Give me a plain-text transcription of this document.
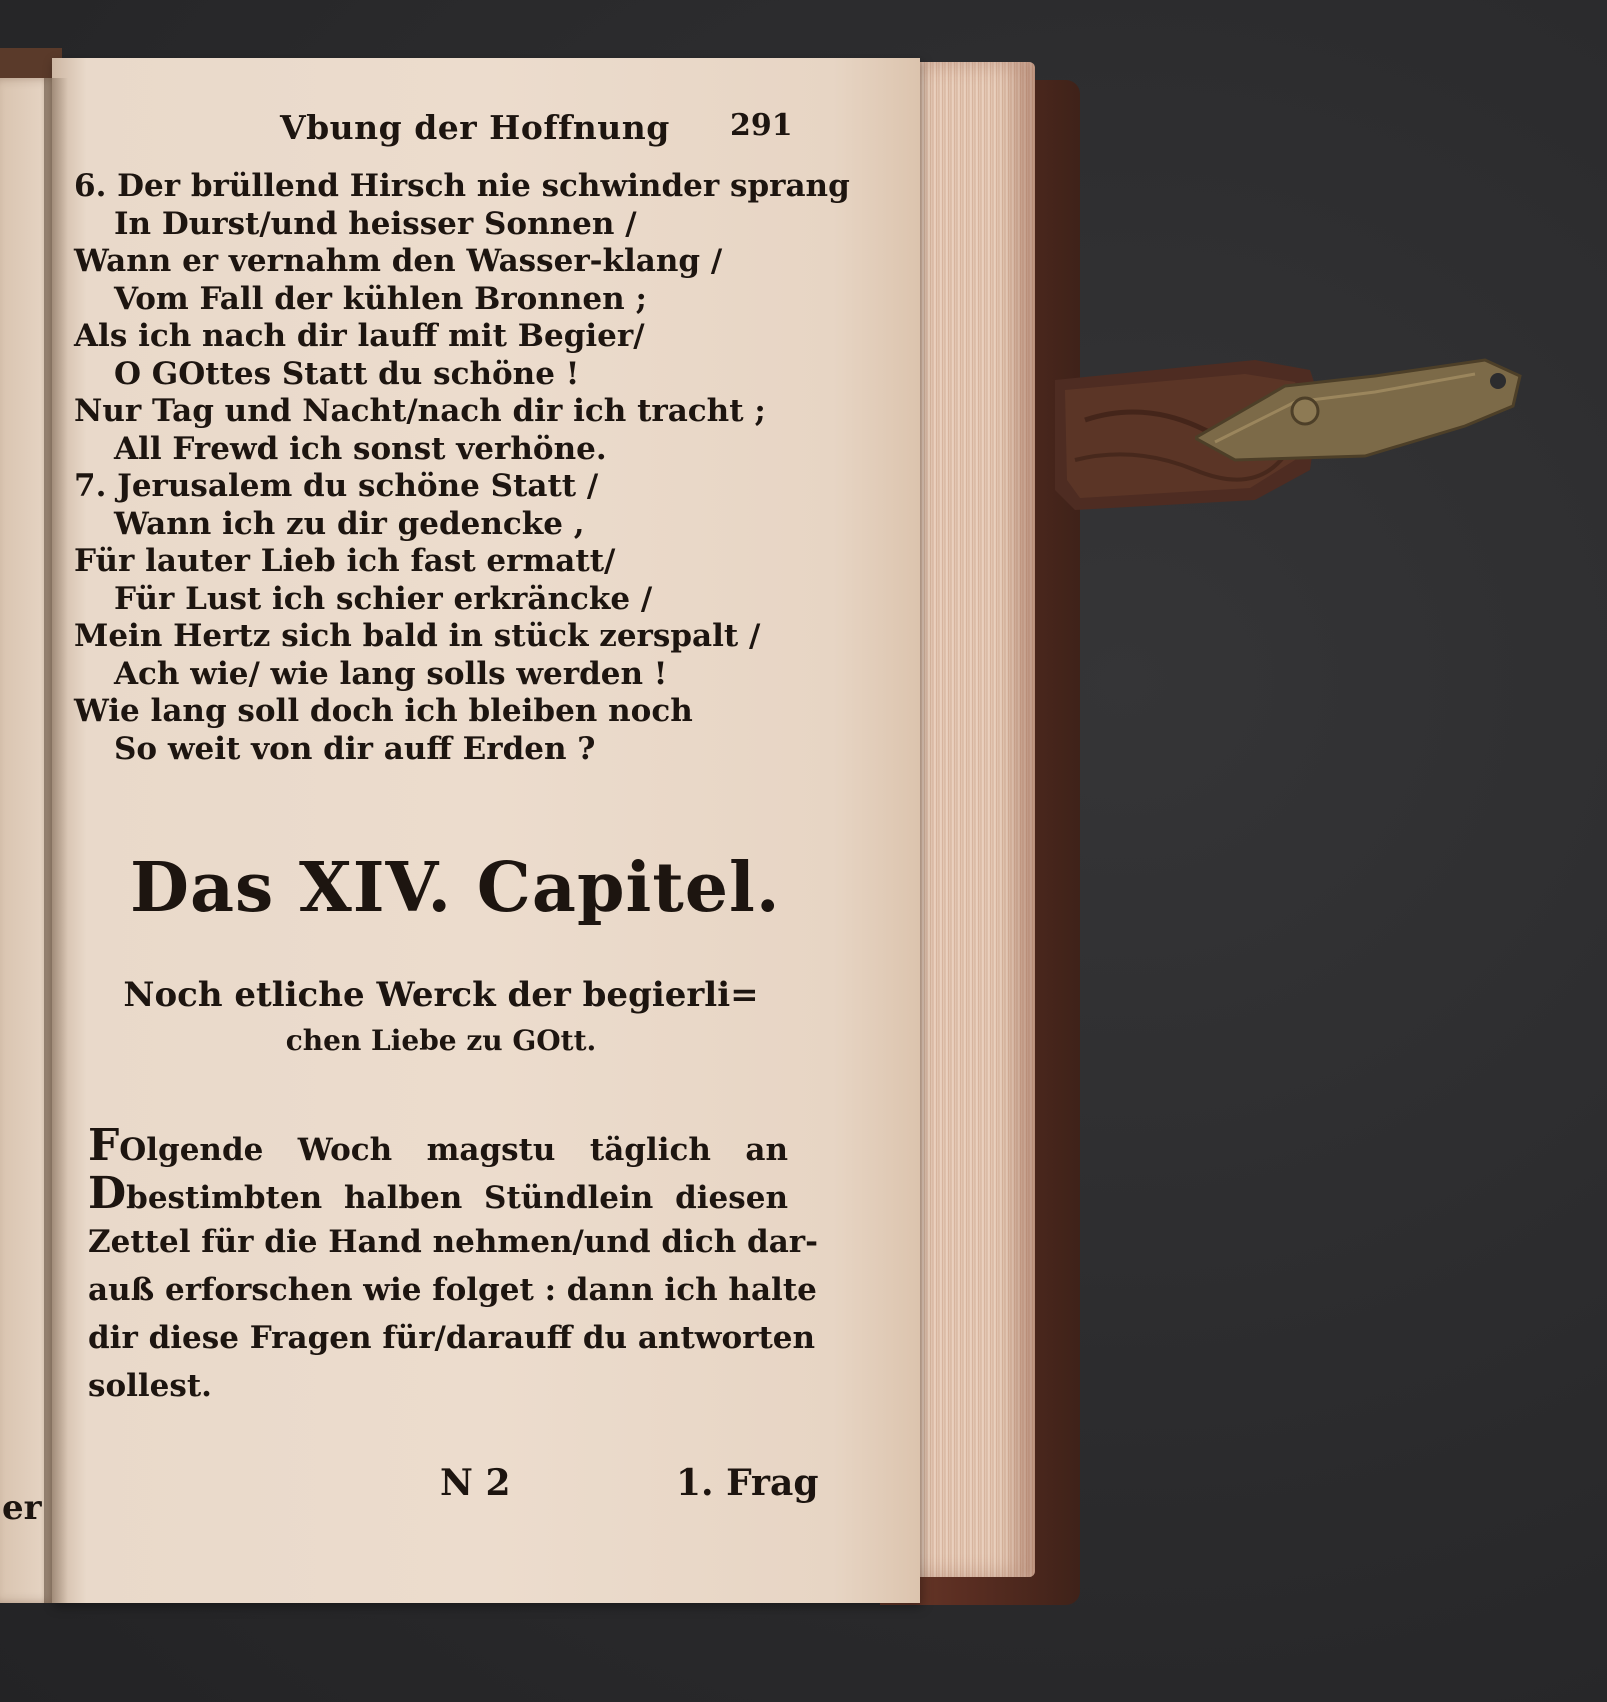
er
Vbung der Hoffnung 291
6. Der brüllend Hirsch nie schwinder sprang
In Durst/und heisser Sonnen /
Wann er vernahm den Wasser-klang /
Vom Fall der kühlen Bronnen ;
Als ich nach dir lauff mit Begier/
O GOttes Statt du schöne !
Nur Tag und Nacht/nach dir ich tracht ;
All Frewd ich sonst verhöne.
7. Jerusalem du schöne Statt /
Wann ich zu dir gedencke ,
Für lauter Lieb ich fast ermatt/
Für Lust ich schier erkräncke /
Mein Hertz sich bald in stück zerspalt /
Ach wie/ wie lang solls werden !
Wie lang soll doch ich bleiben noch
So weit von dir auff Erden ?
Das XIV. Capitel.
Noch etliche Werck der begierli=
chen Liebe zu GOtt.
FOlgende Woch magstu täglich an
Dbestimbten halben Stündlein diesen
Zettel für die Hand nehmen/und dich dar-
auß erforschen wie folget : dann ich halte
dir diese Fragen für/darauff du antworten
sollest.
N 2	1. Frag
